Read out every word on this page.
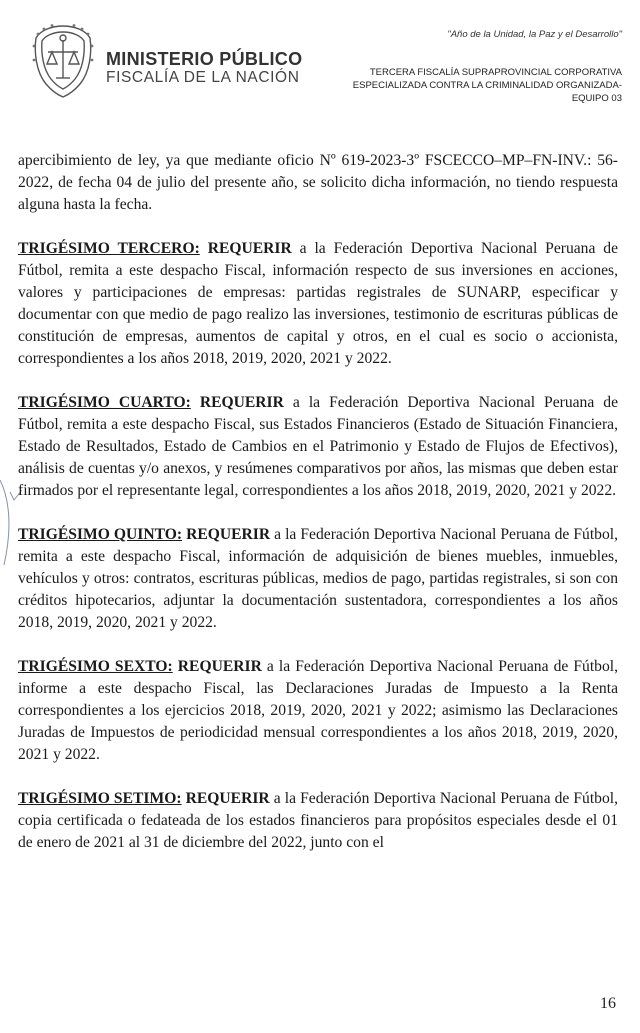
MINISTERIO PÚBLICO
FISCALÍA DE LA NACIÓN
"Año de la Unidad, la Paz y el Desarrollo"
TERCERA FISCALÍA SUPRAPROVINCIAL CORPORATIVA
ESPECIALIZADA CONTRA LA CRIMINALIDAD ORGANIZADA-
EQUIPO 03

apercibimiento de ley, ya que mediante oficio Nº 619-2023-3º FSCECCO–MP–FN-INV.: 56-2022, de fecha 04 de julio del presente año, se solicito dicha información, no tiendo respuesta alguna hasta la fecha.

TRIGÉSIMO TERCERO: REQUERIR a la Federación Deportiva Nacional Peruana de Fútbol, remita a este despacho Fiscal, información respecto de sus inversiones en acciones, valores y participaciones de empresas: partidas registrales de SUNARP, especificar y documentar con que medio de pago realizo las inversiones, testimonio de escrituras públicas de constitución de empresas, aumentos de capital y otros, en el cual es socio o accionista, correspondientes a los años 2018, 2019, 2020, 2021 y 2022.

TRIGÉSIMO CUARTO: REQUERIR a la Federación Deportiva Nacional Peruana de Fútbol, remita a este despacho Fiscal, sus Estados Financieros (Estado de Situación Financiera, Estado de Resultados, Estado de Cambios en el Patrimonio y Estado de Flujos de Efectivos), análisis de cuentas y/o anexos, y resúmenes comparativos por años, las mismas que deben estar firmados por el representante legal, correspondientes a los años 2018, 2019, 2020, 2021 y 2022.

TRIGÉSIMO QUINTO: REQUERIR a la Federación Deportiva Nacional Peruana de Fútbol, remita a este despacho Fiscal, información de adquisición de bienes muebles, inmuebles, vehículos y otros: contratos, escrituras públicas, medios de pago, partidas registrales, si son con créditos hipotecarios, adjuntar la documentación sustentadora, correspondientes a los años 2018, 2019, 2020, 2021 y 2022.

TRIGÉSIMO SEXTO: REQUERIR a la Federación Deportiva Nacional Peruana de Fútbol, informe a este despacho Fiscal, las Declaraciones Juradas de Impuesto a la Renta correspondientes a los ejercicios 2018, 2019, 2020, 2021 y 2022; asimismo las Declaraciones Juradas de Impuestos de periodicidad mensual correspondientes a los años 2018, 2019, 2020, 2021 y 2022.

TRIGÉSIMO SETIMO: REQUERIR a la Federación Deportiva Nacional Peruana de Fútbol, copia certificada o fedateada de los estados financieros para propósitos especiales desde el 01 de enero de 2021 al 31 de diciembre del 2022, junto con el

16
